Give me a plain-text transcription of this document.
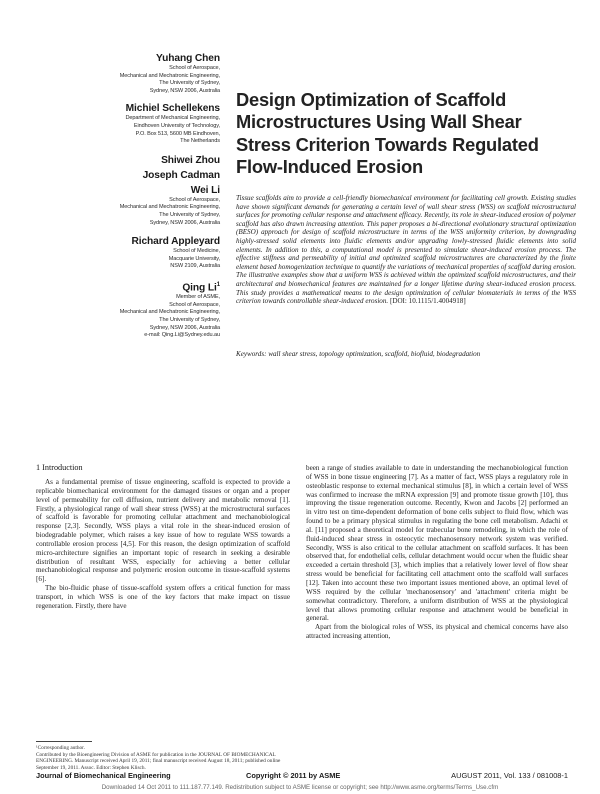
Yuhang Chen
School of Aerospace,
Mechanical and Mechatronic Engineering,
The University of Sydney,
Sydney, NSW 2006, Australia
Michiel Schellekens
Department of Mechanical Engineering,
Eindhoven University of Technology,
P.O. Box 513, 5600 MB Eindhoven,
The Netherlands
Shiwei Zhou
Joseph Cadman
Wei Li
School of Aerospace,
Mechanical and Mechatronic Engineering,
The University of Sydney,
Sydney, NSW 2006, Australia
Richard Appleyard
School of Medicine,
Macquarie University,
NSW 2109, Australia
Qing Li$^1$
Member of ASME,
School of Aerospace,
Mechanical and Mechatronic Engineering,
The University of Sydney,
Sydney, NSW 2006, Australia
e-mail: Qing.Li@Sydney.edu.au
Design Optimization of Scaffold Microstructures Using Wall Shear Stress Criterion Towards Regulated Flow-Induced Erosion
Tissue scaffolds aim to provide a cell-friendly biomechanical environment for facilitating cell growth. Existing studies have shown significant demands for generating a certain level of wall shear stress (WSS) on scaffold microstructural surfaces for promoting cellular response and attachment efficacy. Recently, its role in shear-induced erosion of polymer scaffold has also drawn increasing attention. This paper proposes a bi-directional evolutionary structural optimization (BESO) approach for design of scaffold microstructure in terms of the WSS uniformity criterion, by downgrading highly-stressed solid elements into fluidic elements and/or upgrading lowly-stressed fluidic elements into solid elements. In addition to this, a computational model is presented to simulate shear-induced erosion process. The effective stiffness and permeability of initial and optimized scaffold microstructures are characterized by the finite element based homogenization technique to quantify the variations of mechanical properties of scaffold during erosion. The illustrative examples show that a uniform WSS is achieved within the optimized scaffold microstructures, and their architectural and biomechanical features are maintained for a longer lifetime during shear-induced erosion process. This study provides a mathematical means to the design optimization of cellular biomaterials in terms of the WSS criterion towards controllable shear-induced erosion. [DOI: 10.1115/1.4004918]
Keywords: wall shear stress, topology optimization, scaffold, biofluid, biodegradation
1 Introduction

As a fundamental premise of tissue engineering, scaffold is expected to provide a replicable biomechanical environment for the damaged tissues or organ and a proper level of permeability for cell diffusion, nutrient delivery and metabolic removal [1]. Firstly, a physiological range of wall shear stress (WSS) at the microstructural surfaces of scaffold is favorable for promoting cellular attachment and mechanobiological response [2,3]. Secondly, WSS plays a vital role in the shear-induced erosion of biodegradable polymer, which raises a key issue of how to regulate WSS towards a controllable erosion process [4,5]. For this reason, the design optimization of scaffold micro-architecture signifies an important topic of research in seeking a desirable distribution of resultant WSS, especially for achieving a better cellular mechanobiological response and polymeric erosion outcome in tissue-scaffold systems [6].

The bio-fluidic phase of tissue-scaffold system offers a critical function for mass transport, in which WSS is one of the key factors that make impact on tissue regeneration. Firstly, there have

been a range of studies available to date in understanding the mechanobiological function of WSS in bone tissue engineering [7]. As a matter of fact, WSS plays a regulatory role in osteoblastic response to external mechanical stimulus [8], in which a certain level of WSS was confirmed to increase the mRNA expression [9] and promote tissue growth [10], thus improving the tissue regeneration outcome. Recently, Kwon and Jacobs [2] performed an in vitro test on time-dependent deformation of bone cells subject to fluid flow, which was found to be a primary physical stimulus in regulating the bone cell metabolism. Adachi et al. [11] proposed a theoretical model for trabecular bone remodeling, in which the role of fluid-induced shear stress in osteocytic mechanosensory network system was verified. Secondly, WSS is also critical to the cellular attachment on scaffold surfaces. It has been observed that, for endothelial cells, cellular detachment would occur when the fluidic shear exceeded a certain threshold [3], which implies that a relatively lower level of flow shear stress would be beneficial for facilitating cell attachment onto the scaffold wall surfaces [12]. Taken into account these two important issues mentioned above, an optimal level of WSS required by the cellular 'mechanosensory' and 'attachment' criteria might be somewhat contradictory. Therefore, a uniform distribution of WSS at the physiological level that allows promoting cellular response and attachment would be beneficial in general.

Apart from the biological roles of WSS, its physical and chemical concerns have also attracted increasing attention,

¹Corresponding author.

Contributed by the Bioengineering Division of ASME for publication in the JOURNAL OF BIOMECHANICAL ENGINEERING. Manuscript received April 19, 2011; final manuscript received August 18, 2011; published online September 19, 2011. Assoc. Editor: Stephen Klisch.

Journal of Biomechanical Engineering	Copyright © 2011 by ASME	AUGUST 2011, Vol. 133 / 081008-1
Downloaded 14 Oct 2011 to 111.187.77.149. Redistribution subject to ASME license or copyright; see http://www.asme.org/terms/Terms_Use.cfm
